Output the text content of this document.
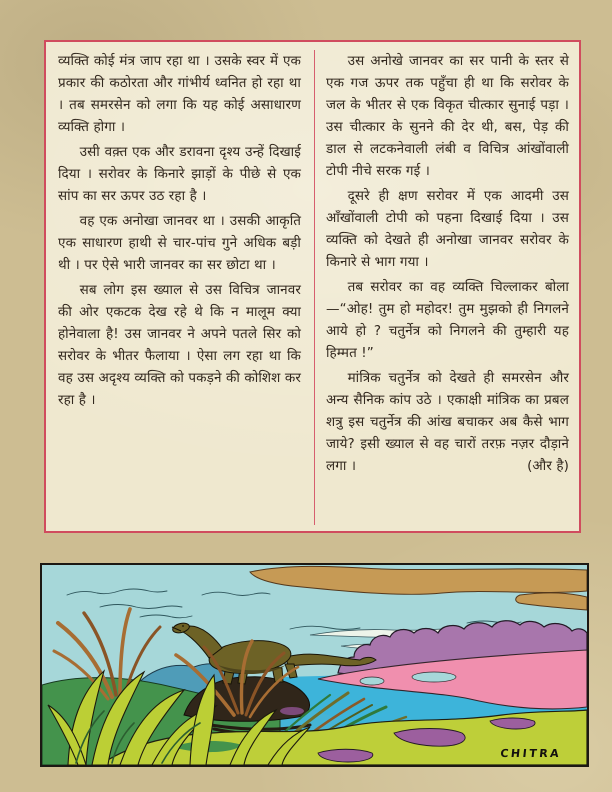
व्यक्ति कोई मंत्र जाप रहा था । उसके स्वर में एक प्रकार की कठोरता और गांभीर्य ध्वनित हो रहा था । तब समरसेन को लगा कि यह कोई असाधारण व्यक्ति होगा ।

उसी वक़्त एक और डरावना दृश्य उन्हें दिखाई दिया । सरोवर के किनारे झाड़ों के पीछे से एक सांप का सर ऊपर उठ रहा है ।

वह एक अनोखा जानवर था । उसकी आकृति एक साधारण हाथी से चार-पांच गुने अधिक बड़ी थी । पर ऐसे भारी जानवर का सर छोटा था ।

सब लोग इस ख्याल से उस विचित्र जानवर की ओर एकटक देख रहे थे कि न मालूम क्या होनेवाला है! उस जानवर ने अपने पतले सिर को सरोवर के भीतर फैलाया । ऐसा लग रहा था कि वह उस अदृश्य व्यक्ति को पकड़ने की कोशिश कर रहा है ।

उस अनोखे जानवर का सर पानी के स्तर से एक गज ऊपर तक पहुँचा ही था कि सरोवर के जल के भीतर से एक विकृत चीत्कार सुनाई पड़ा । उस चीत्कार के सुनने की देर थी, बस, पेड़ की डाल से लटकनेवाली लंबी व विचित्र आंखोंवाली टोपी नीचे सरक गई ।

दूसरे ही क्षण सरोवर में एक आदमी उस आँखोंवाली टोपी को पहना दिखाई दिया । उस व्यक्ति को देखते ही अनोखा जानवर सरोवर के किनारे से भाग गया ।

तब सरोवर का वह व्यक्ति चिल्लाकर बोला—“ओह! तुम हो महोदर! तुम मुझको ही निगलने आये हो ? चतुर्नेत्र को निगलने की तुम्हारी यह हिम्मत !”

मांत्रिक चतुर्नेत्र को देखते ही समरसेन और अन्य सैनिक कांप उठे । एकाक्षी मांत्रिक का प्रबल शत्रु इस चतुर्नेत्र की आंख बचाकर अब कैसे भाग जाये? इसी ख्याल से वह चारों तरफ़ नज़र दौड़ाने लगा ।	(और है)

CHITRA
